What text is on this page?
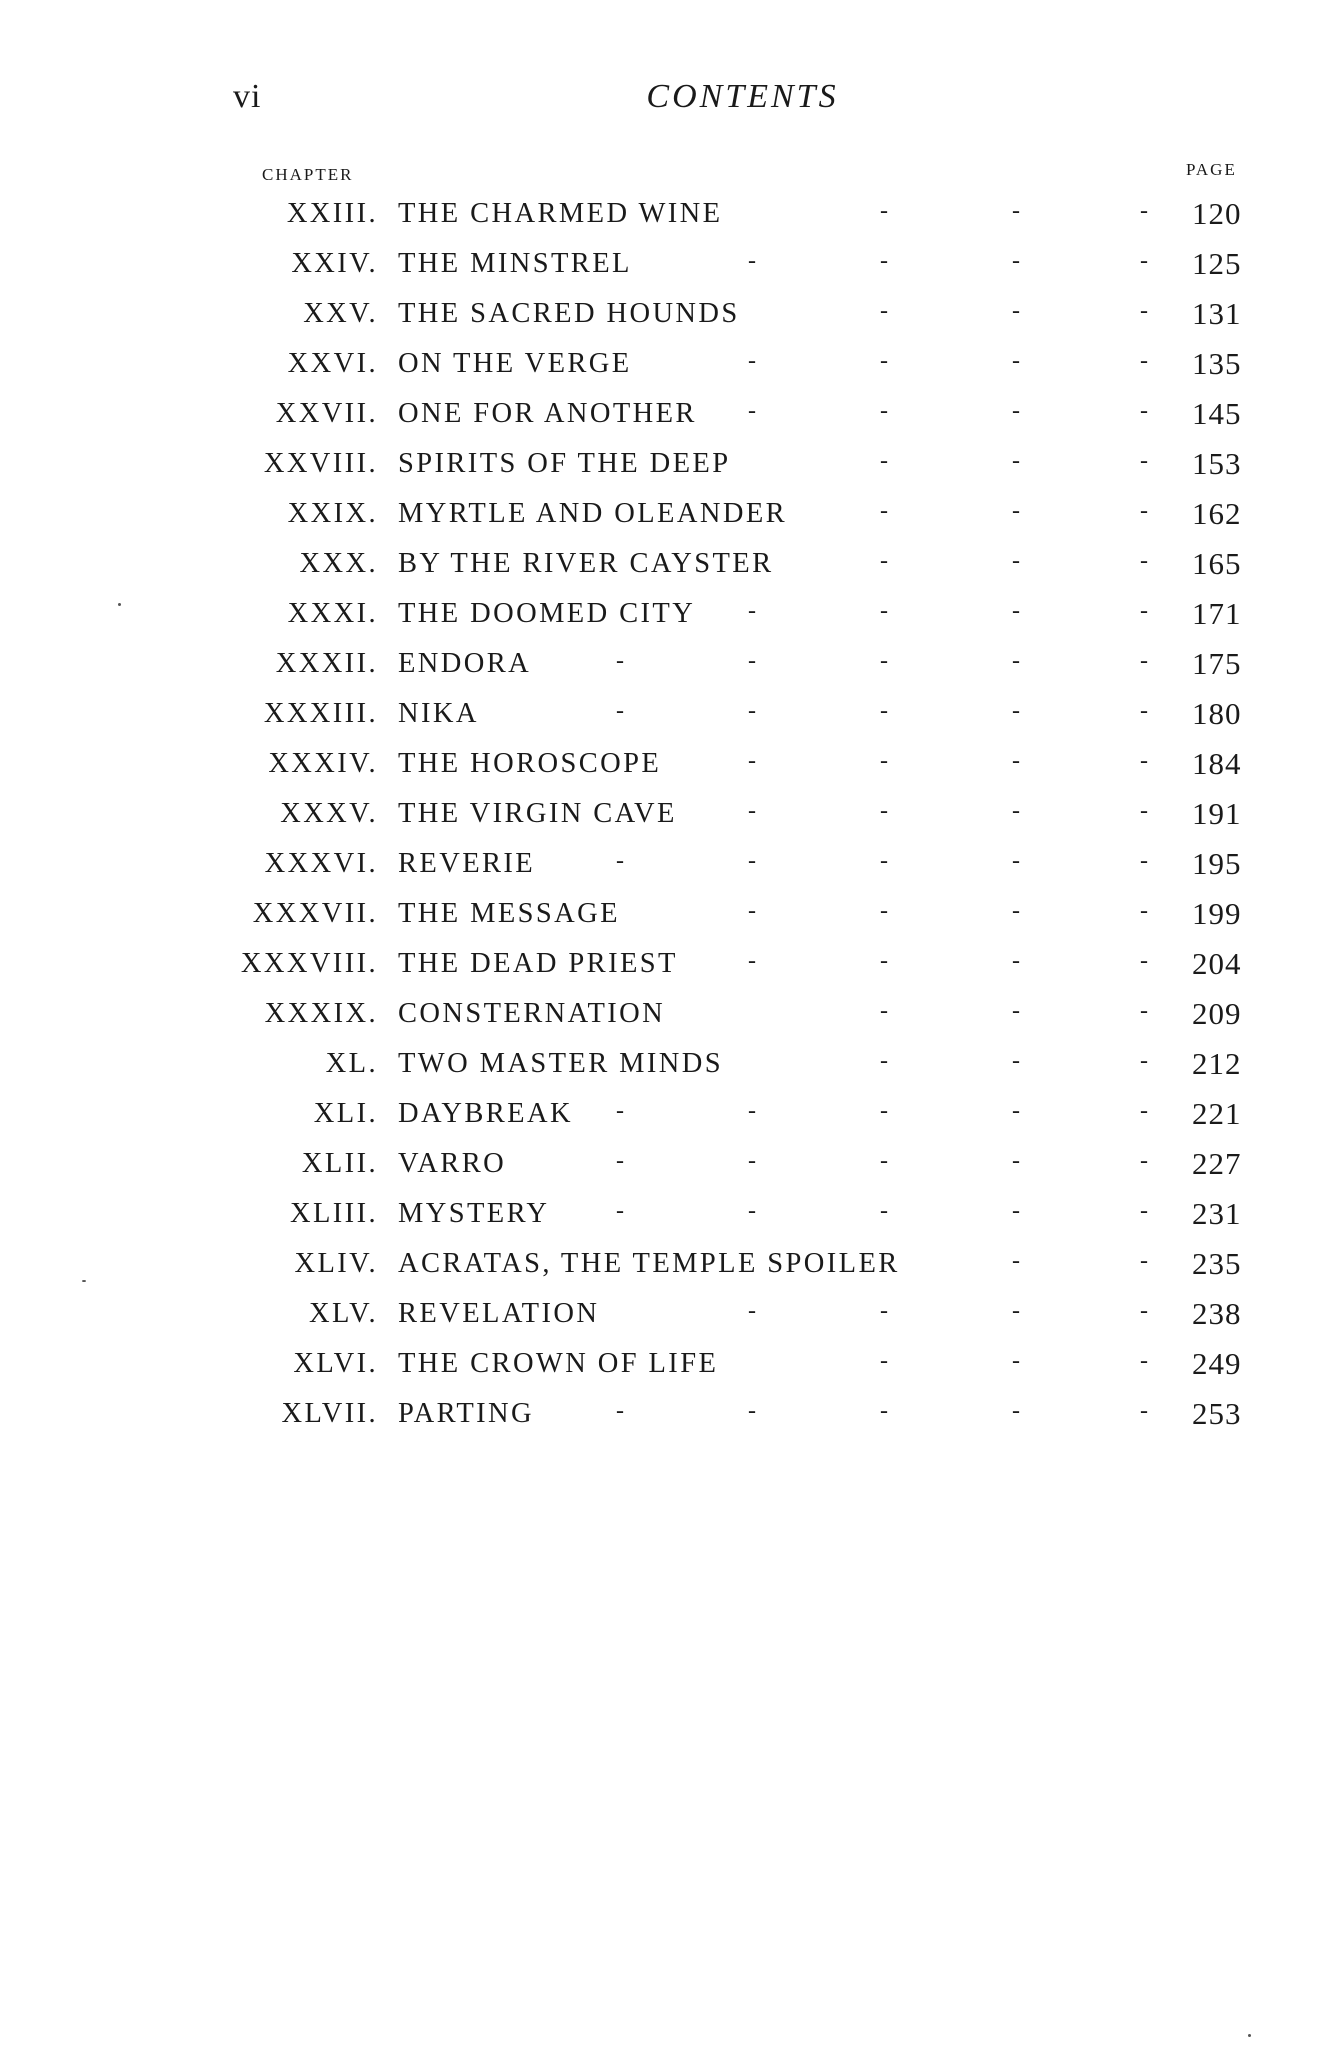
vi	CONTENTS
CHAPTER	PAGE
XXIII. THE CHARMED WINE	-	-	- 120
XXIV. THE MINSTREL	-	-	-	- 125
XXV. THE SACRED HOUNDS	-	-	- 131
XXVI. ON THE VERGE	-	-	-	- 135
XXVII. ONE FOR ANOTHER -	-	-	- 145
XXVIII. SPIRITS OF THE DEEP	-	-	- 153
XXIX. MYRTLE AND OLEANDER	-	-	- 162
XXX. BY THE RIVER CAYSTER	-	-	- 165
XXXI. THE DOOMED CITY -	-	-	- 171
XXXII. ENDORA	-	-	-	-	- 175
XXXIII. NIKA	-	-	-	-	- 180
XXXIV. THE HOROSCOPE	-	-	-	- 184
XXXV. THE VIRGIN CAVE	-	-	-	- 191
XXXVI. REVERIE	-	-	-	-	- 195
XXXVII. THE MESSAGE	-	-	-	- 199
XXXVIII. THE DEAD PRIEST	-	-	-	- 204
XXXIX. CONSTERNATION	-	-	- 209
XL. TWO MASTER MINDS	-	-	- 212
XLI. DAYBREAK -	-	-	-	- 221
XLII. VARRO	-	-	-	-	- 227
XLIII. MYSTERY	-	-	-	-	- 231
XLIV. ACRATAS, THE TEMPLE SPOILER	-	- 235
XLV. REVELATION	-	-	-	- 238
XLVI. THE CROWN OF LIFE	-	-	- 249
XLVII. PARTING	-	-	-	-	- 253
